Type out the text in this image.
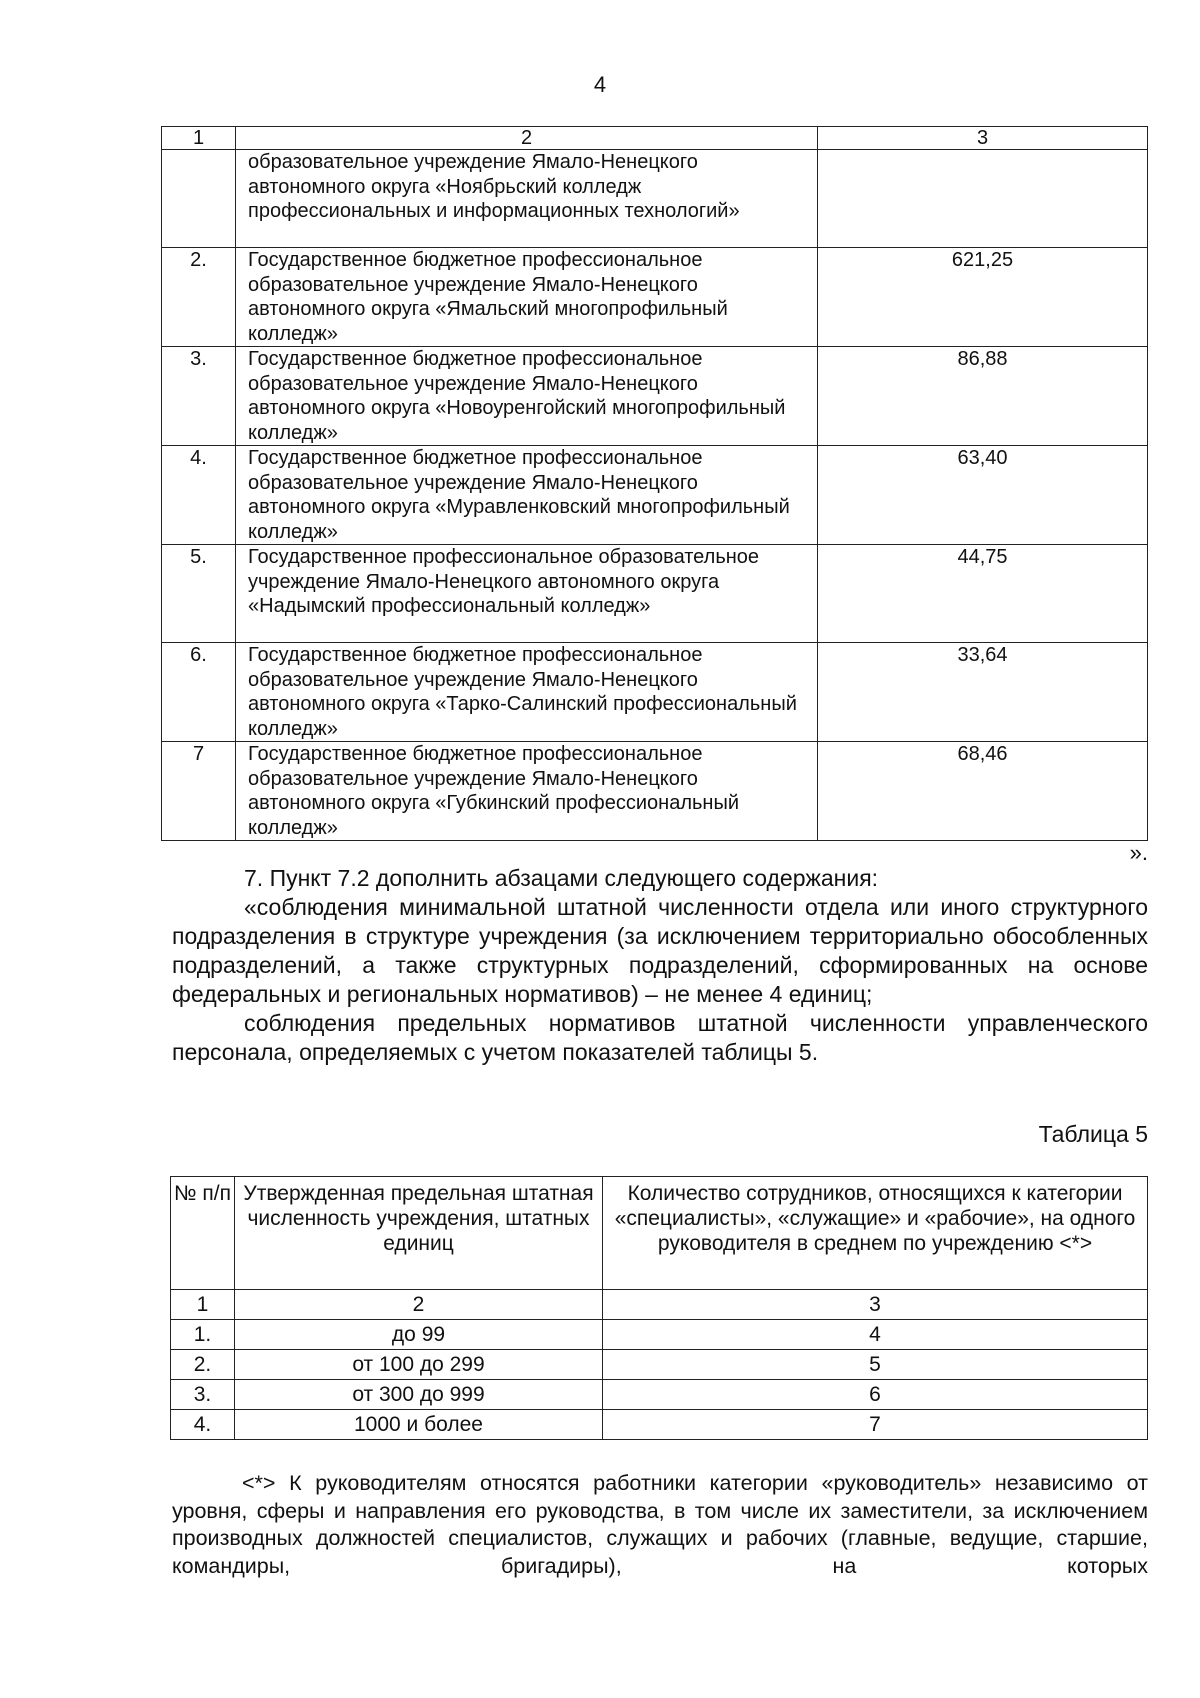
4
1	2	3
	образовательное учреждение Ямало-Ненецкого автономного округа «Ноябрьский колледж профессиональных и информационных технологий»	
2.	Государственное бюджетное профессиональное образовательное учреждение Ямало-Ненецкого автономного округа «Ямальский многопрофильный колледж»	621,25
3.	Государственное бюджетное профессиональное образовательное учреждение Ямало-Ненецкого автономного округа «Новоуренгойский многопрофильный колледж»	86,88
4.	Государственное бюджетное профессиональное образовательное учреждение Ямало-Ненецкого автономного округа «Муравленковский многопрофильный колледж»	63,40
5.	Государственное профессиональное образовательное учреждение Ямало-Ненецкого автономного округа «Надымский профессиональный колледж»	44,75
6.	Государственное бюджетное профессиональное образовательное учреждение Ямало-Ненецкого автономного округа «Тарко-Салинский профессиональный колледж»	33,64
7	Государственное бюджетное профессиональное образовательное учреждение Ямало-Ненецкого автономного округа «Губкинский профессиональный колледж»	68,46
».

7. Пункт 7.2 дополнить абзацами следующего содержания:

«соблюдения минимальной штатной численности отдела или иного структурного подразделения в структуре учреждения (за исключением территориально обособленных подразделений, а также структурных подразделений, сформированных на основе федеральных и региональных нормативов) – не менее 4 единиц;

соблюдения предельных нормативов штатной численности управленческого персонала, определяемых с учетом показателей таблицы 5.

Таблица 5
№ п/п	Утвержденная предельная штатная численность учреждения, штатных единиц	Количество сотрудников, относящихся к категории «специалисты», «служащие» и «рабочие», на одного руководителя в среднем по учреждению <*>
1	2	3
1.	до 99	4
2.	от 100 до 299	5
3.	от 300 до 999	6
4.	1000 и более	7

<*> К руководителям относятся работники категории «руководитель» независимо от уровня, сферы и направления его руководства, в том числе их заместители, за исключением производных должностей специалистов, служащих и рабочих (главные, ведущие, старшие, командиры, бригадиры), на которых
